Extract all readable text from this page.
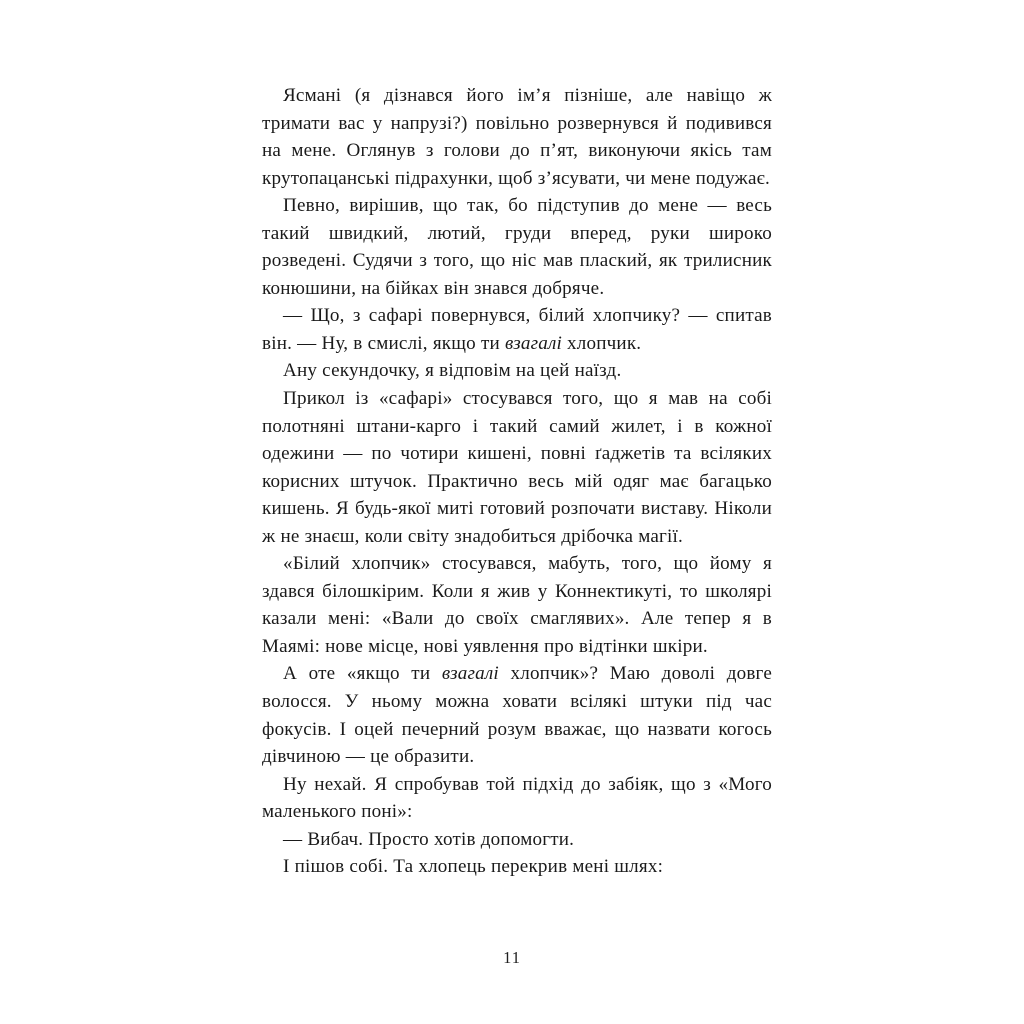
Ясмані (я дізнався його ім’я пізніше, але навіщо ж тримати вас у напрузі?) повільно розвернувся й подивився на мене. Оглянув з голови до п’ят, виконуючи якісь там крутопацанські підрахунки, щоб з’ясувати, чи мене подужає.

Певно, вирішив, що так, бо підступив до мене — весь такий швидкий, лютий, груди вперед, руки широко розведені. Судячи з того, що ніс мав плаский, як трилисник конюшини, на бійках він знався добряче.

— Що, з сафарі повернувся, білий хлопчику? — спитав він. — Ну, в смислі, якщо ти взагалі хлопчик.

Ану секундочку, я відповім на цей наїзд.

Прикол із «сафарі» стосувався того, що я мав на собі полотняні штани-карго і такий самий жилет, і в кожної одежини — по чотири кишені, повні ґаджетів та всіляких корисних штучок. Практично весь мій одяг має багацько кишень. Я будь-якої миті готовий розпочати виставу. Ніколи ж не знаєш, коли світу знадобиться дрібочка магії.

«Білий хлопчик» стосувався, мабуть, того, що йому я здався білошкірим. Коли я жив у Коннектикуті, то школярі казали мені: «Вали до своїх смаглявих». Але тепер я в Маямі: нове місце, нові уявлення про відтінки шкіри.

А оте «якщо ти взагалі хлопчик»? Маю доволі довге волосся. У ньому можна ховати всілякі штуки під час фокусів. І оцей печерний розум вважає, що назвати когось дівчиною — це образити.

Ну нехай. Я спробував той підхід до забіяк, що з «Мого маленького поні»:

— Вибач. Просто хотів допомогти.

І пішов собі. Та хлопець перекрив мені шлях:

11
